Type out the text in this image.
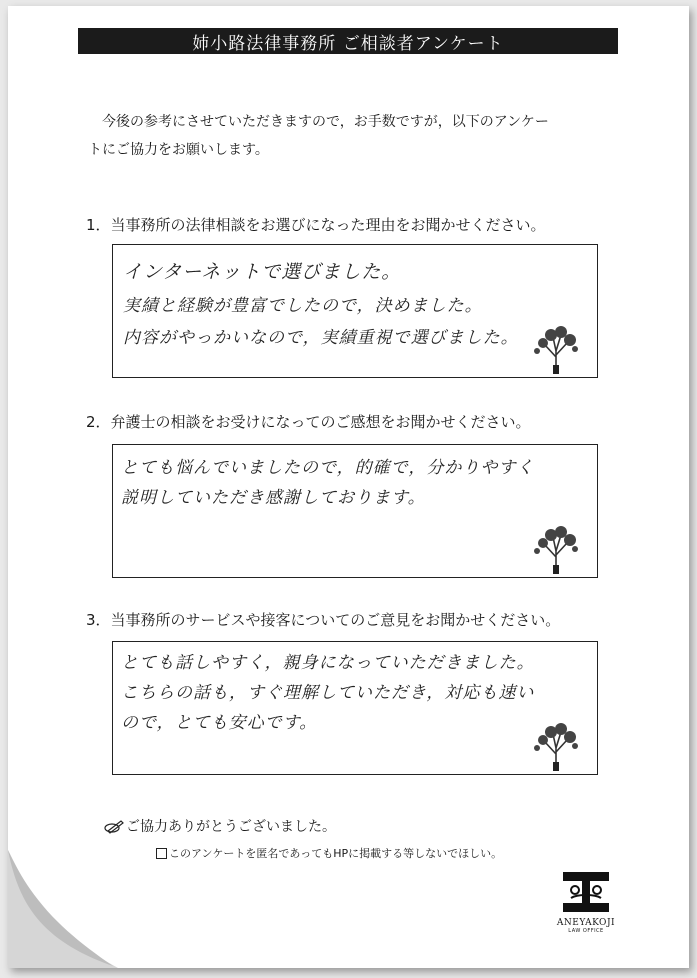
姉小路法律事務所 ご相談者アンケート
今後の参考にさせていただきますので，お手数ですが，以下のアンケー
トにご協力をお願いします。
1．当事務所の法律相談をお選びになった理由をお聞かせください。
インターネットで選びました。
実績と経験が豊富でしたので，決めました。
内容がやっかいなので，実績重視で選びました。
2．弁護士の相談をお受けになってのご感想をお聞かせください。
とても悩んでいましたので，的確で，分かりやすく
説明していただき感謝しております。
3．当事務所のサービスや接客についてのご意見をお聞かせください。
とても話しやすく，親身になっていただきました。
こちらの話も，すぐ理解していただき，対応も速い
ので，とても安心です。
ご協力ありがとうございました。
このアンケートを匿名であってもHPに掲載する等しないでほしい。
ANEYAKOJI
LAW OFFICE
